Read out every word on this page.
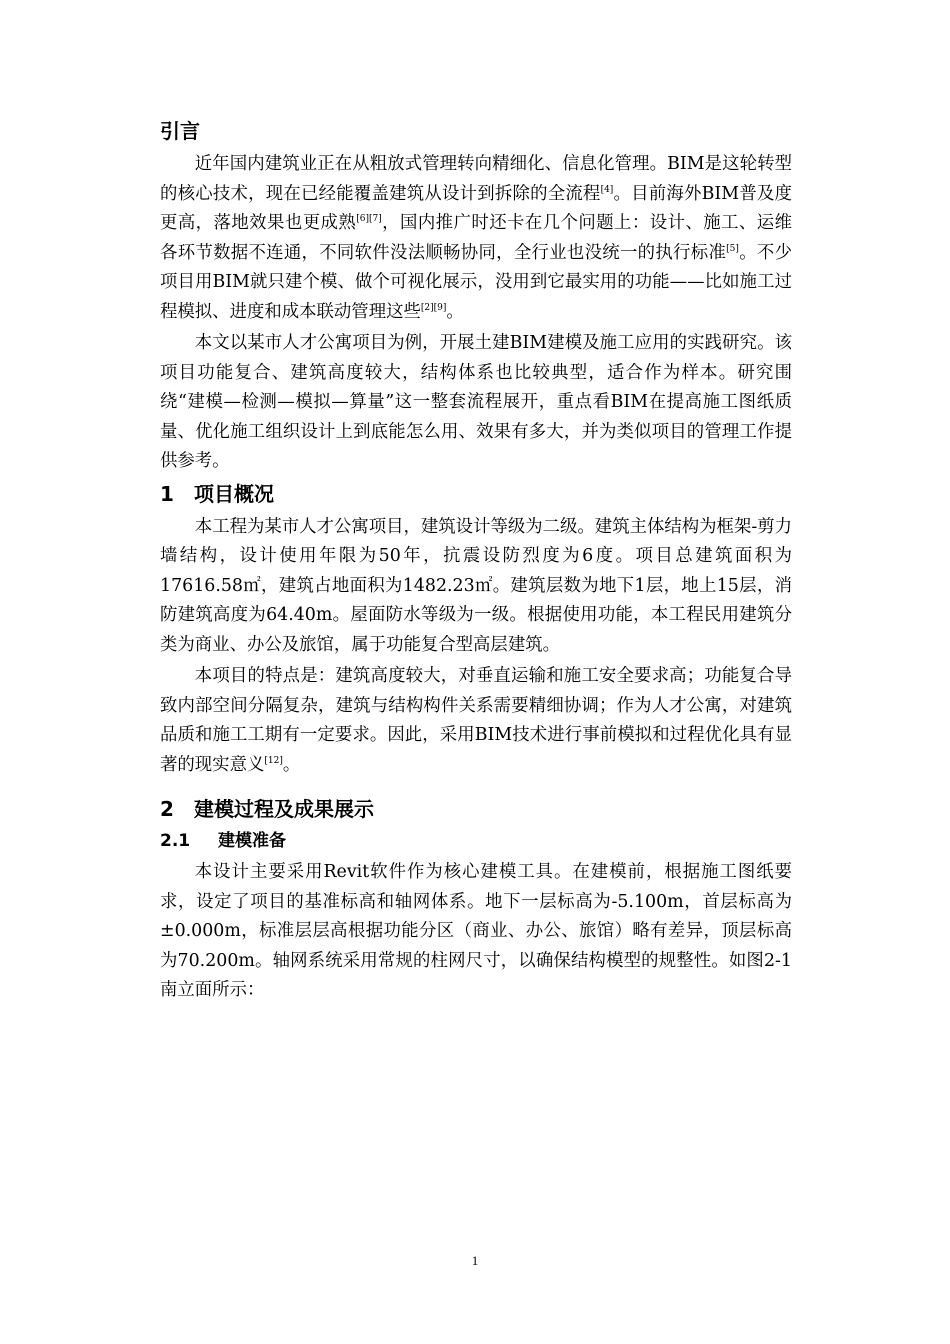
引言

近年国内建筑业正在从粗放式管理转向精细化、信息化管理。BIM是这轮转型的核心技术，现在已经能覆盖建筑从设计到拆除的全流程[4]。目前海外BIM普及度更高，落地效果也更成熟[6][7]，国内推广时还卡在几个问题上：设计、施工、运维各环节数据不连通，不同软件没法顺畅协同，全行业也没统一的执行标准[5]。不少项目用BIM就只建个模、做个可视化展示，没用到它最实用的功能——比如施工过程模拟、进度和成本联动管理这些[2][9]。

本文以某市人才公寓项目为例，开展土建BIM建模及施工应用的实践研究。该项目功能复合、建筑高度较大，结构体系也比较典型，适合作为样本。研究围绕“建模—检测—模拟—算量”这一整套流程展开，重点看BIM在提高施工图纸质量、优化施工组织设计上到底能怎么用、效果有多大，并为类似项目的管理工作提供参考。

1 项目概况

本工程为某市人才公寓项目，建筑设计等级为二级。建筑主体结构为框架-剪力墙结构，设计使用年限为50年，抗震设防烈度为6度。项目总建筑面积为17616.58㎡，建筑占地面积为1482.23㎡。建筑层数为地下1层，地上15层，消防建筑高度为64.40m。屋面防水等级为一级。根据使用功能，本工程民用建筑分类为商业、办公及旅馆，属于功能复合型高层建筑。

本项目的特点是：建筑高度较大，对垂直运输和施工安全要求高；功能复合导致内部空间分隔复杂，建筑与结构构件关系需要精细协调；作为人才公寓，对建筑品质和施工工期有一定要求。因此，采用BIM技术进行事前模拟和过程优化具有显著的现实意义[12]。

2 建模过程及成果展示
2.1 建模准备

本设计主要采用Revit软件作为核心建模工具。在建模前，根据施工图纸要求，设定了项目的基准标高和轴网体系。地下一层标高为-5.100m，首层标高为±0.000m，标准层层高根据功能分区（商业、办公、旅馆）略有差异，顶层标高为70.200m。轴网系统采用常规的柱网尺寸，以确保结构模型的规整性。如图2-1 南立面所示：

1
